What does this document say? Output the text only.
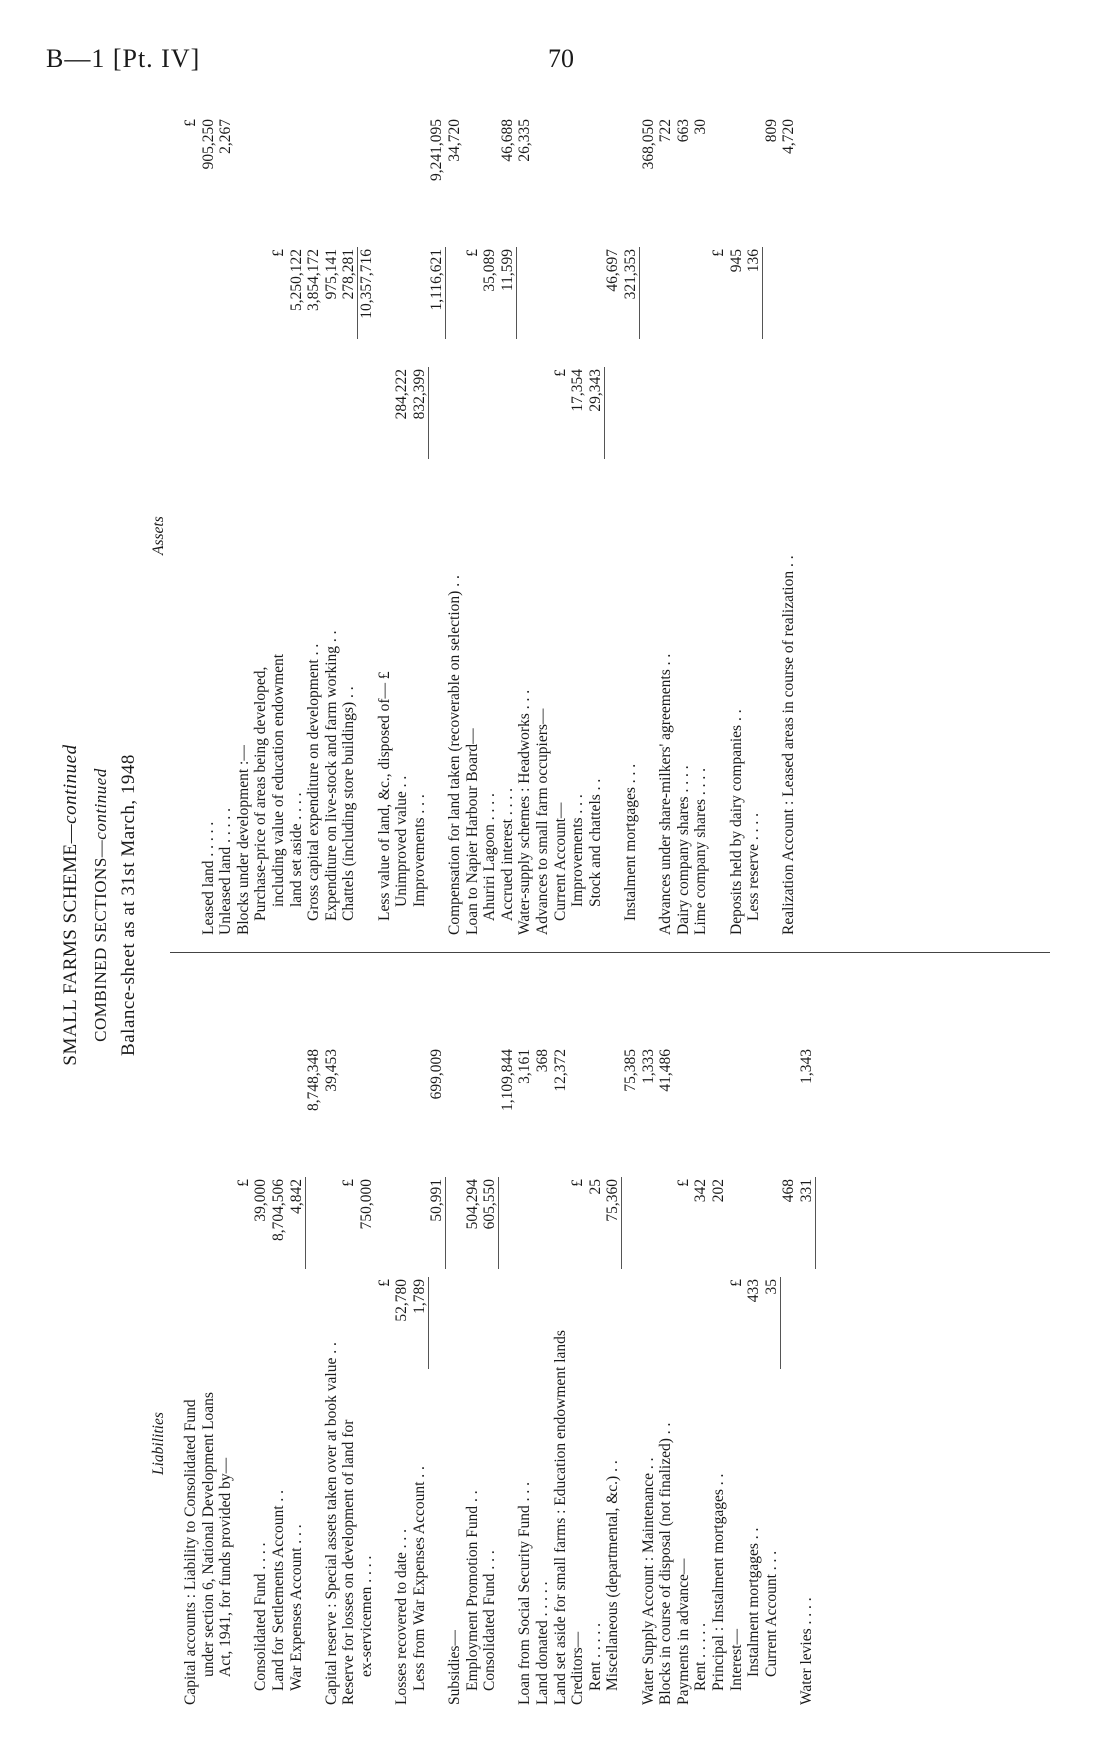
B—1 [Pt. IV]	70
SMALL FARMS SCHEME—continued
COMBINED SECTIONS—continued Balance-sheet as at 31st March, 1948
Liabilities Capital accounts : Liability to Consolidated Fund under section 6, National Development Loans Act, 1941, for funds provided by—
£
Consolidated Fund . . . .
39,000
Land for Settlements Account . .
8,704,506
War Expenses Account . . .
4,842
8,748,348
Capital reserve : Special assets taken over at book value . .
39,453
Reserve for losses on development of land for
£
ex-servicemen . . . .
750,000
£
Losses recovered to date . . .
52,780
Less from War Expenses Account . .
1,789
50,991
699,009
Subsidies— Employment Promotion Fund . .
504,294
Consolidated Fund . . .
605,550
1,109,844
Loan from Social Security Fund . . .
3,161
Land donated . . . . .
368
Land set aside for small farms : Education endowment lands
12,372
Creditors—
£
Rent . . . . .
25
Miscellaneous (departmental, &c.) . .
75,360
75,385
Water Supply Account : Maintenance . .
1,333
Blocks in course of disposal (not finalized) . .
41,486
Payments in advance—
£
Rent . . . . .
342
Principal : Instalment mortgages . .
202
Interest—
£
Instalment mortgages . .
433
Current Account . . .
35
468
Water levies . . . .
331
1,343
Assets
£
Leased land . . . . .
905,250
Unleased land . . . . .
2,267
Blocks under development :— Purchase-price of areas being developed, including value of education endowment
£
land set aside . . . .
5,250,122
Gross capital expenditure on development . .
3,854,172
Expenditure on live-stock and farm working . .
975,141
Chattels (including store buildings) . .
278,281 10,357,716
Less value of land, &c., disposed of— £ Unimproved value . .
284,222
Improvements . . .
832,399
1,116,621
9,241,095
Compensation for land taken (recoverable on selection) . .
34,720
Loan to Napier Harbour Board—
£
Ahuriri Lagoon . . . .
35,089
Accrued interest . . . .
11,599
46,688
Water-supply schemes : Headworks . . .
26,335
Advances to small farm occupiers— Current Account—
£
Improvements . . .
17,354
Stock and chattels . .
29,343
46,697
Instalment mortgages . . .
321,353
368,050
Advances under share-milkers' agreements . .
722
Dairy company shares . . . .
663
Lime company shares . . . .
30
£
Deposits held by dairy companies . .
945
Less reserve . . . .
136
809
Realization Account : Leased areas in course of realization . .
4,720
